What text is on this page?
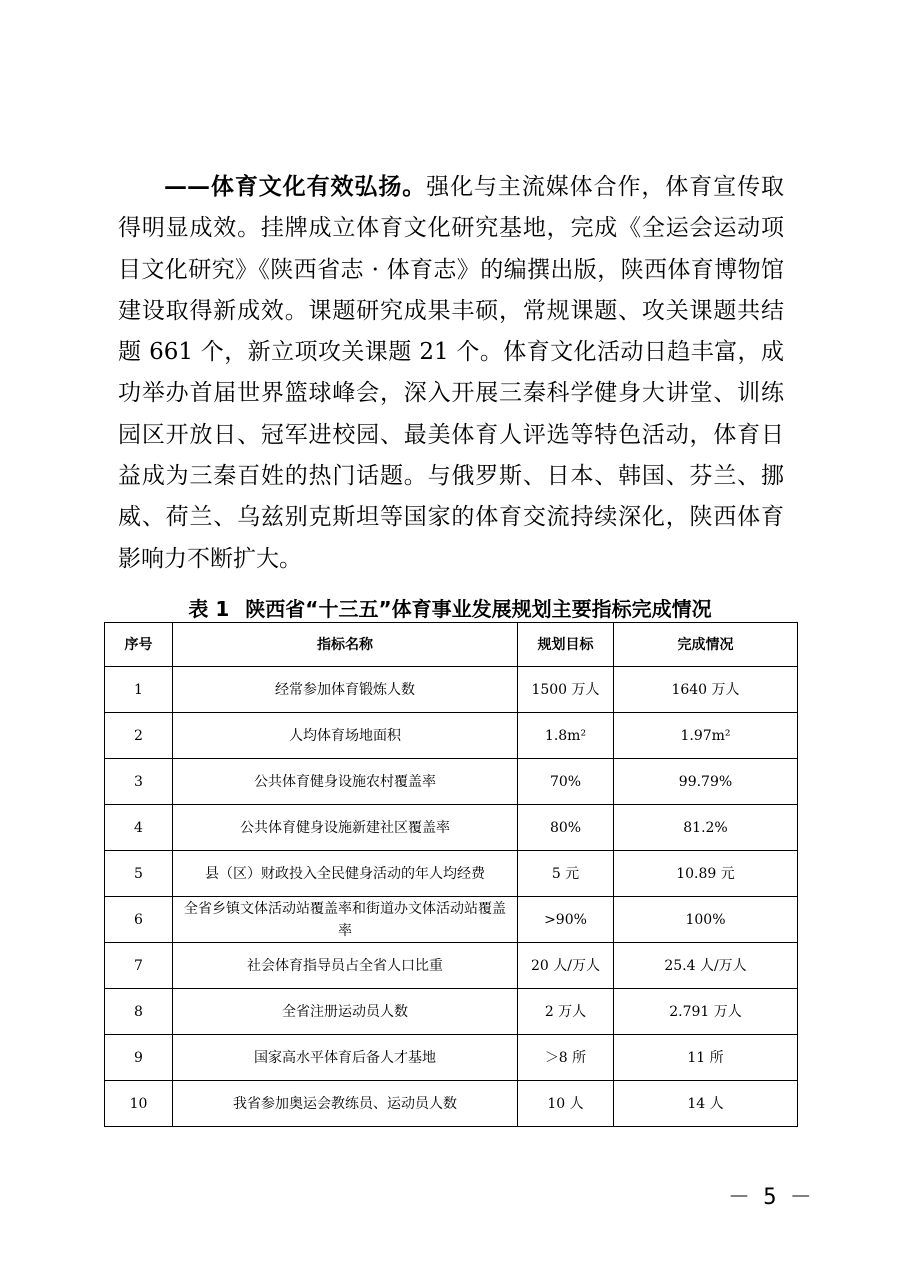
——体育文化有效弘扬。强化与主流媒体合作，体育宣传取得明显成效。挂牌成立体育文化研究基地，完成《全运会运动项目文化研究》《陕西省志 · 体育志》的编撰出版，陕西体育博物馆建设取得新成效。课题研究成果丰硕，常规课题、攻关课题共结题 661 个，新立项攻关课题 21 个。体育文化活动日趋丰富，成功举办首届世界篮球峰会，深入开展三秦科学健身大讲堂、训练园区开放日、冠军进校园、最美体育人评选等特色活动，体育日益成为三秦百姓的热门话题。与俄罗斯、日本、韩国、芬兰、挪威、荷兰、乌兹别克斯坦等国家的体育交流持续深化，陕西体育影响力不断扩大。

表 1 陕西省“十三五”体育事业发展规划主要指标完成情况
序号	指标名称	规划目标	完成情况
1	经常参加体育锻炼人数	1500 万人	1640 万人
2	人均体育场地面积	1.8m²	1.97m²
3	公共体育健身设施农村覆盖率	70%	99.79%
4	公共体育健身设施新建社区覆盖率	80%	81.2%
5	县（区）财政投入全民健身活动的年人均经费	5 元	10.89 元
6	全省乡镇文体活动站覆盖率和街道办文体活动站覆盖率	>90%	100%
7	社会体育指导员占全省人口比重	20 人/万人	25.4 人/万人
8	全省注册运动员人数	2 万人	2.791 万人
9	国家高水平体育后备人才基地	＞8 所	11 所
10	我省参加奥运会教练员、运动员人数	10 人	14 人
－ 5 －
